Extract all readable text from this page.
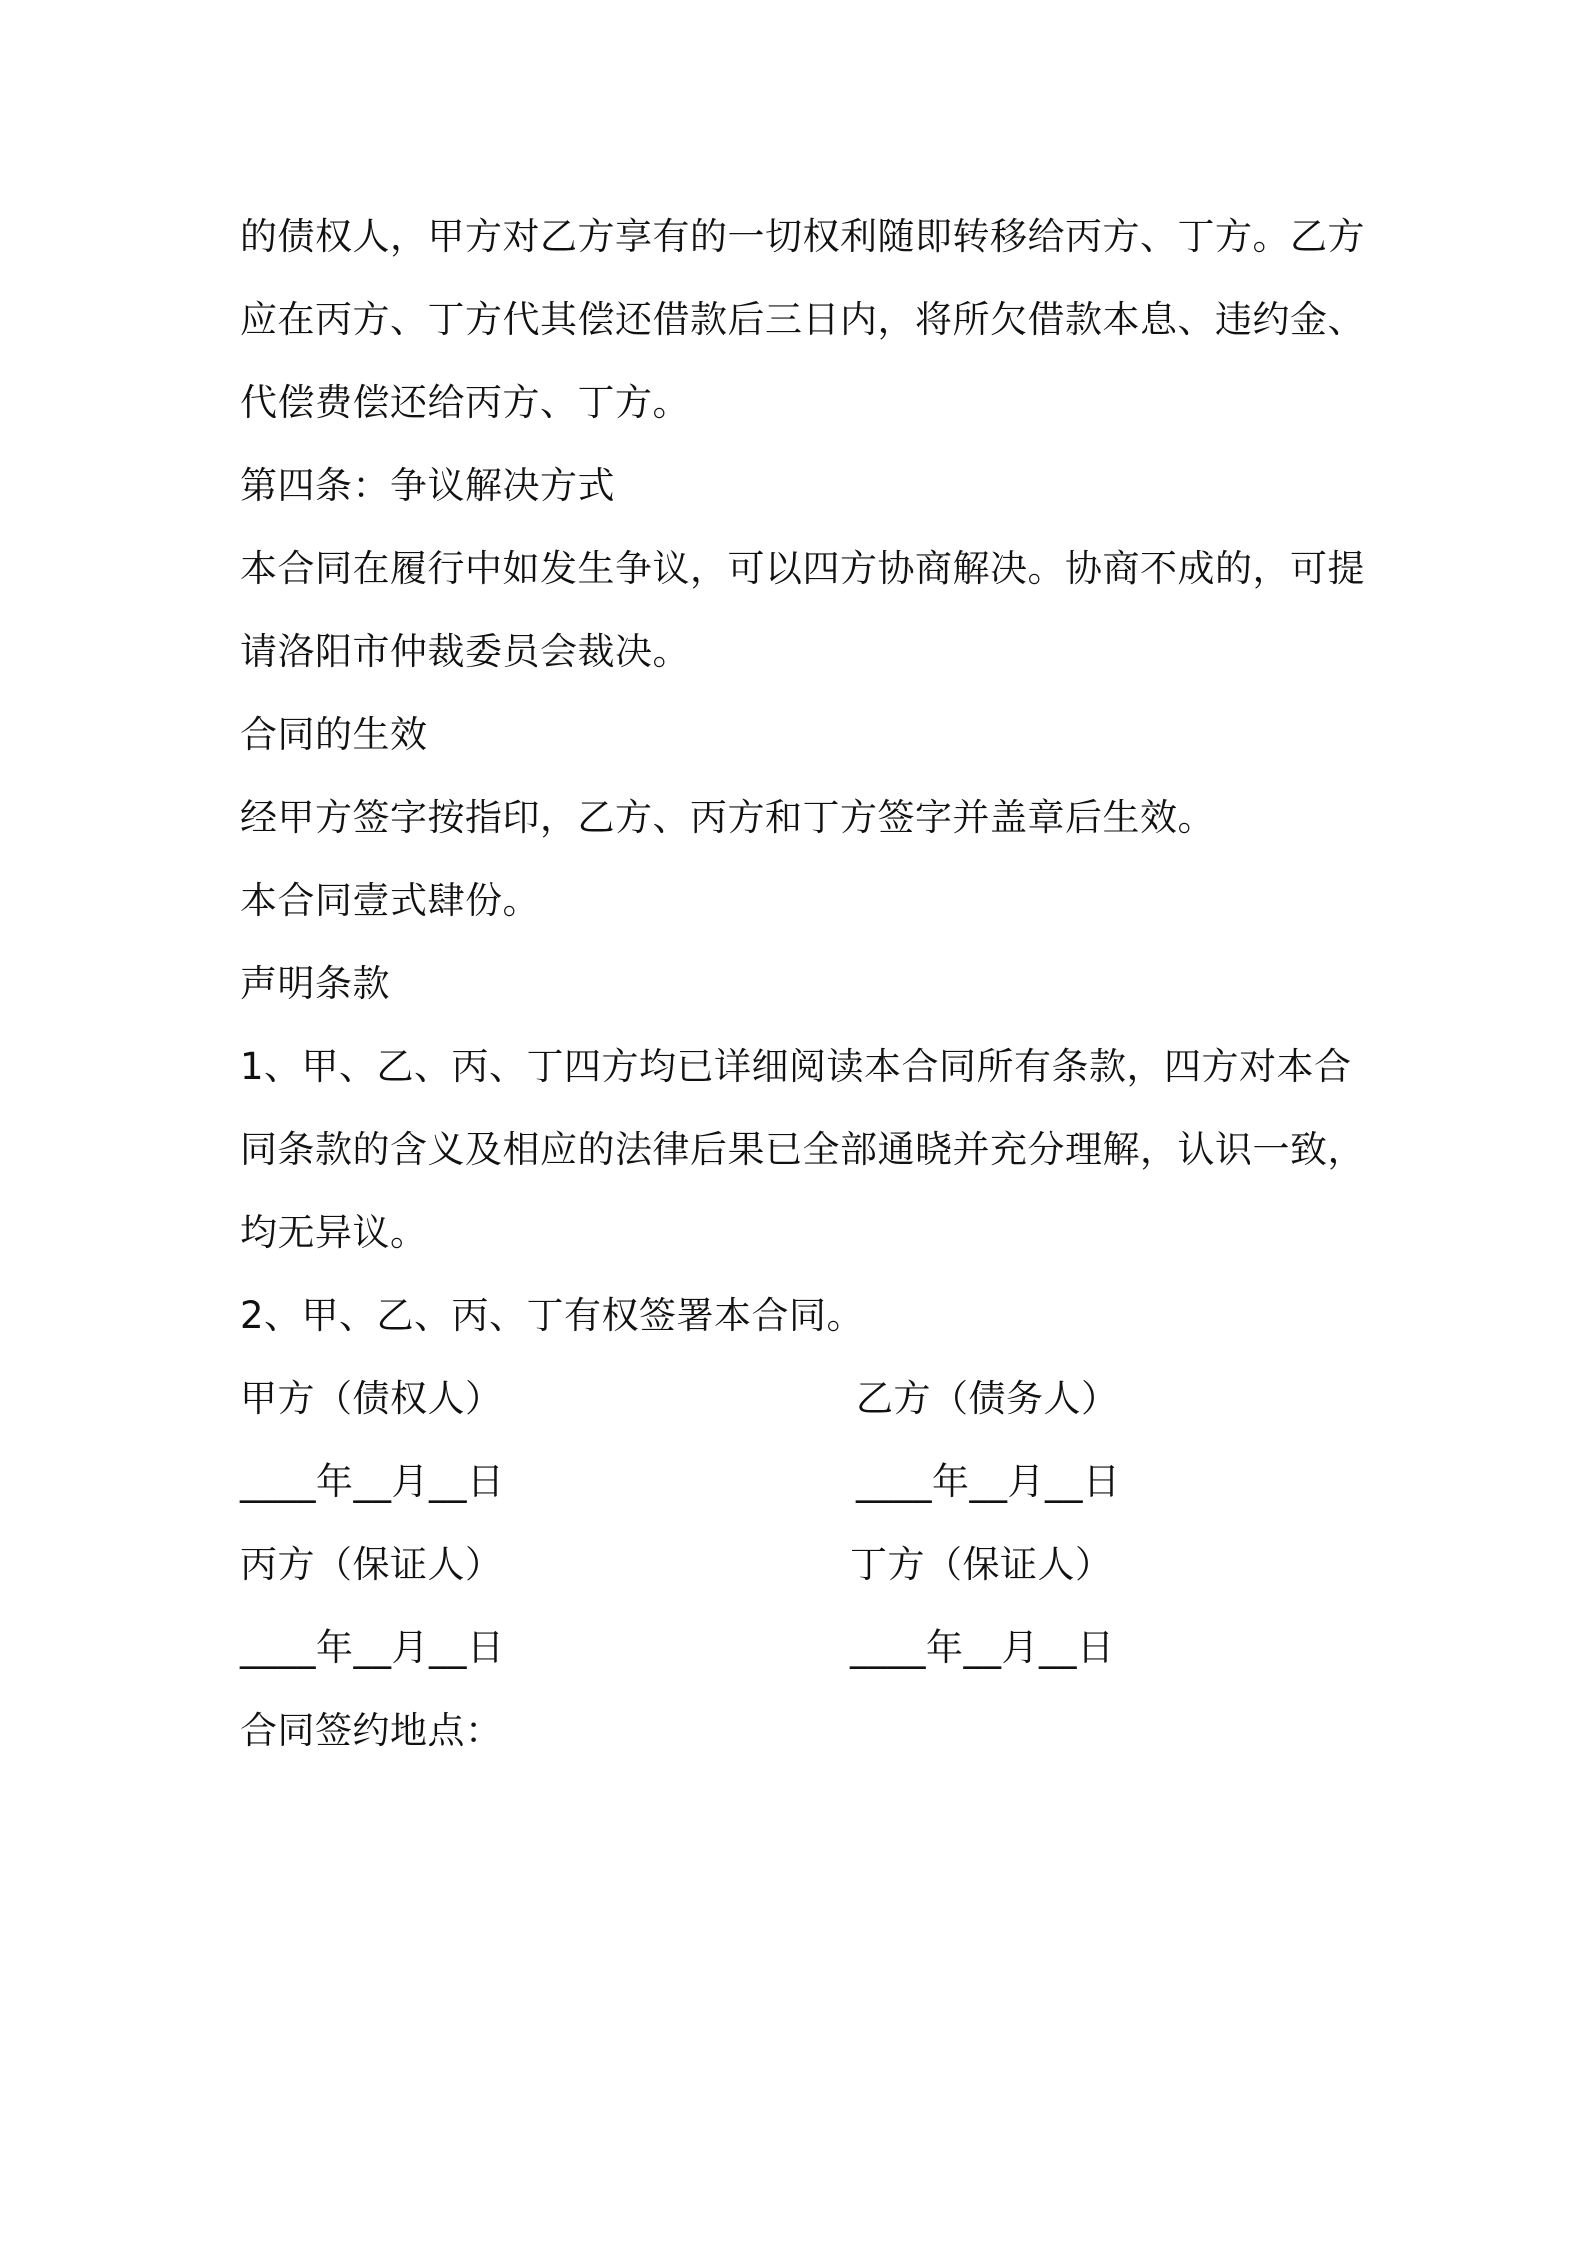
的债权人，甲方对乙方享有的一切权利随即转移给丙方、丁方。乙方
应在丙方、丁方代其偿还借款后三日内，将所欠借款本息、违约金、
代偿费偿还给丙方、丁方。
第四条：争议解决方式
本合同在履行中如发生争议，可以四方协商解决。协商不成的，可提
请洛阳市仲裁委员会裁决。
合同的生效
经甲方签字按指印，乙方、丙方和丁方签字并盖章后生效。
本合同壹式肆份。
声明条款
1、甲、乙、丙、丁四方均已详细阅读本合同所有条款，四方对本合
同条款的含义及相应的法律后果已全部通晓并充分理解，认识一致，
均无异议。
2、甲、乙、丙、丁有权签署本合同。
甲方（债权人）	乙方（债务人）
____年__月__日	____年__月__日
丙方（保证人）	丁方（保证人）
____年__月__日	____年__月__日
合同签约地点：
